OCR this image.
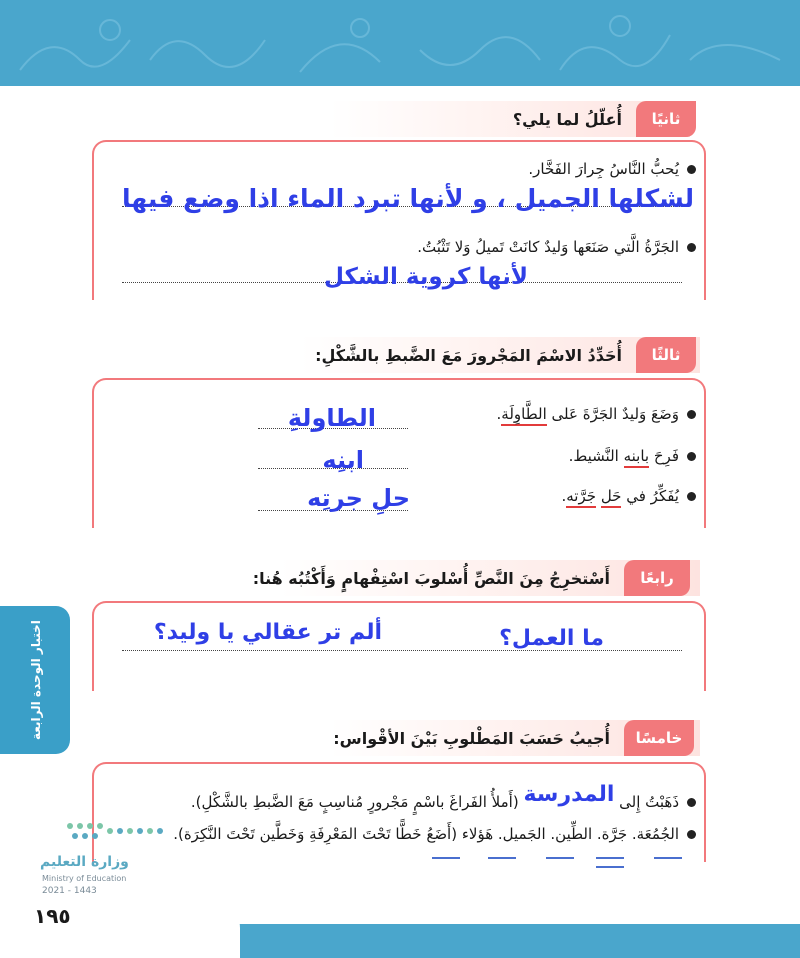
ثانيًا
أُعلّلُ لما يلي؟
يُحبُّ النَّاسُ جِرارَ الفَخَّار.
لشكلها الجميل ، و لأنها تبرد الماء اذا وضع فيها
الجَرَّةُ الَّتي صَنَعَها وَليدٌ كانَتْ تَميلُ وَلا تَثْبُتُ.
لأنها كروية الشكل
ثالثًا
أُحَدِّدُ الاسْمَ المَجْرورَ مَعَ الضَّبطِ بالشَّكْلِ:
وَضَعَ وَليدٌ الجَرَّةَ عَلى الطَّاوِلَة.
الطاولةِ
فَرِحَ بابنه النَّشيط.
ابنِه
يُفَكِّرُ في حَل جَرَّته.
حلِ جرتِه
رابعًا
أَسْتخرِجُ مِنَ النَّصِّ أُسْلوبَ اسْتِفْهامٍ وَأَكْتُبُه هُنا:
ما العمل؟
ألم تر عقالي يا وليد؟
خامسًا
أُجيبُ حَسَبَ المَطْلوبِ بَيْنَ الأقْواس:
ذَهَبْتُ إِلى المدرسة (أَملأُ الفَراغَ باسْمٍ مَجْرورٍ مُناسِبٍ مَعَ الضَّبطِ بالشَّكْلِ).
الجُمُعَة. جَرَّة. الطِّين. الجَميل. هَؤلاء (أَضَعُ خَطًّا تَحْتَ المَعْرِفَةِ وَخَطَّين تَحْتَ النَّكِرَة).
اختبار الوحدة الرابعة
وزارة التعليم
Ministry of Education
2021 - 1443
١٩٥
